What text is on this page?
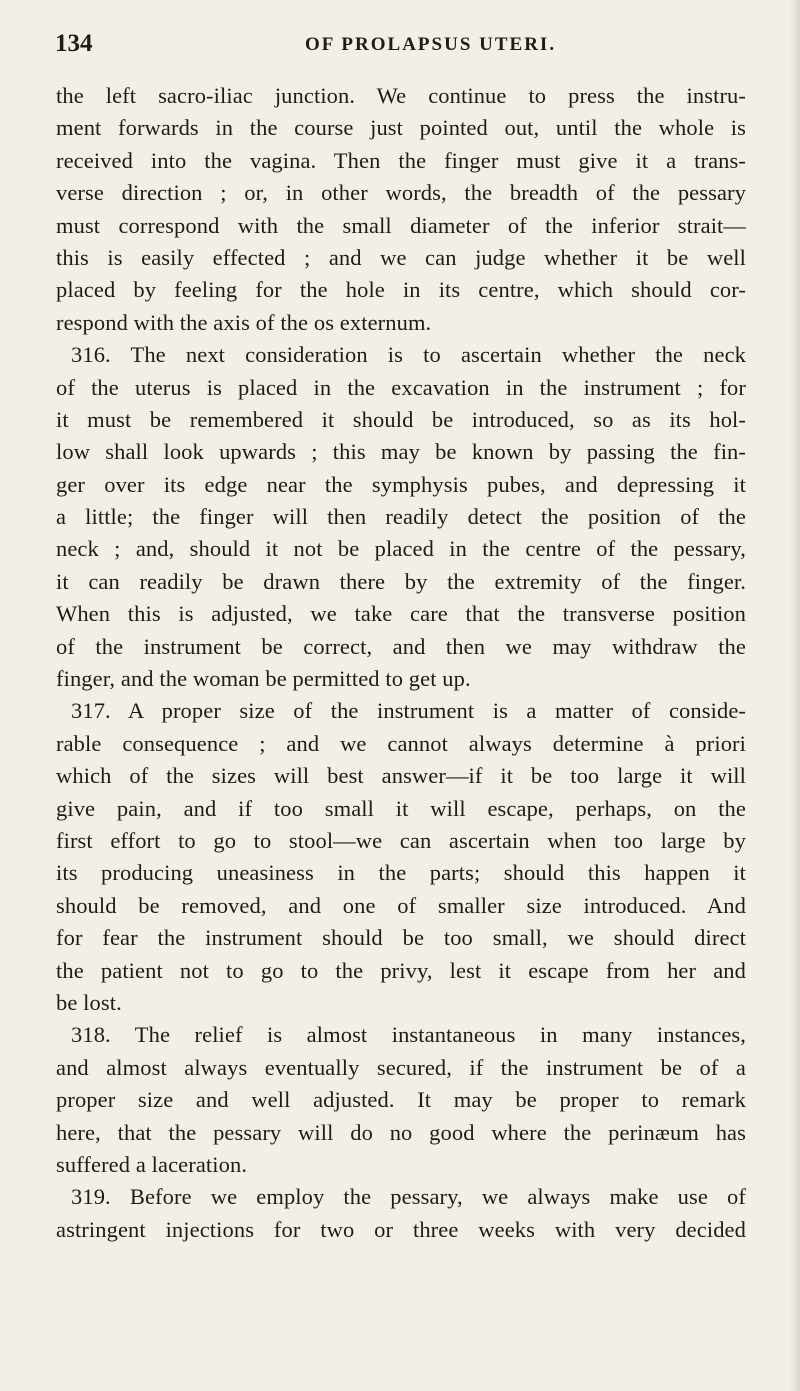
134	OF PROLAPSUS UTERI.
the left sacro-iliac junction. We continue to press the instru-
ment forwards in the course just pointed out, until the whole is
received into the vagina. Then the finger must give it a trans-
verse direction ; or, in other words, the breadth of the pessary
must correspond with the small diameter of the inferior strait—
this is easily effected ; and we can judge whether it be well
placed by feeling for the hole in its centre, which should cor-
respond with the axis of the os externum.
316. The next consideration is to ascertain whether the neck
of the uterus is placed in the excavation in the instrument ; for
it must be remembered it should be introduced, so as its hol-
low shall look upwards ; this may be known by passing the fin-
ger over its edge near the symphysis pubes, and depressing it
a little; the finger will then readily detect the position of the
neck ; and, should it not be placed in the centre of the pessary,
it can readily be drawn there by the extremity of the finger.
When this is adjusted, we take care that the transverse position
of the instrument be correct, and then we may withdraw the
finger, and the woman be permitted to get up.
317. A proper size of the instrument is a matter of conside-
rable consequence ; and we cannot always determine à priori
which of the sizes will best answer—if it be too large it will
give pain, and if too small it will escape, perhaps, on the
first effort to go to stool—we can ascertain when too large by
its producing uneasiness in the parts; should this happen it
should be removed, and one of smaller size introduced. And
for fear the instrument should be too small, we should direct
the patient not to go to the privy, lest it escape from her and
be lost.
318. The relief is almost instantaneous in many instances,
and almost always eventually secured, if the instrument be of a
proper size and well adjusted. It may be proper to remark
here, that the pessary will do no good where the perinæum has
suffered a laceration.
319. Before we employ the pessary, we always make use of
astringent injections for two or three weeks with very decided
